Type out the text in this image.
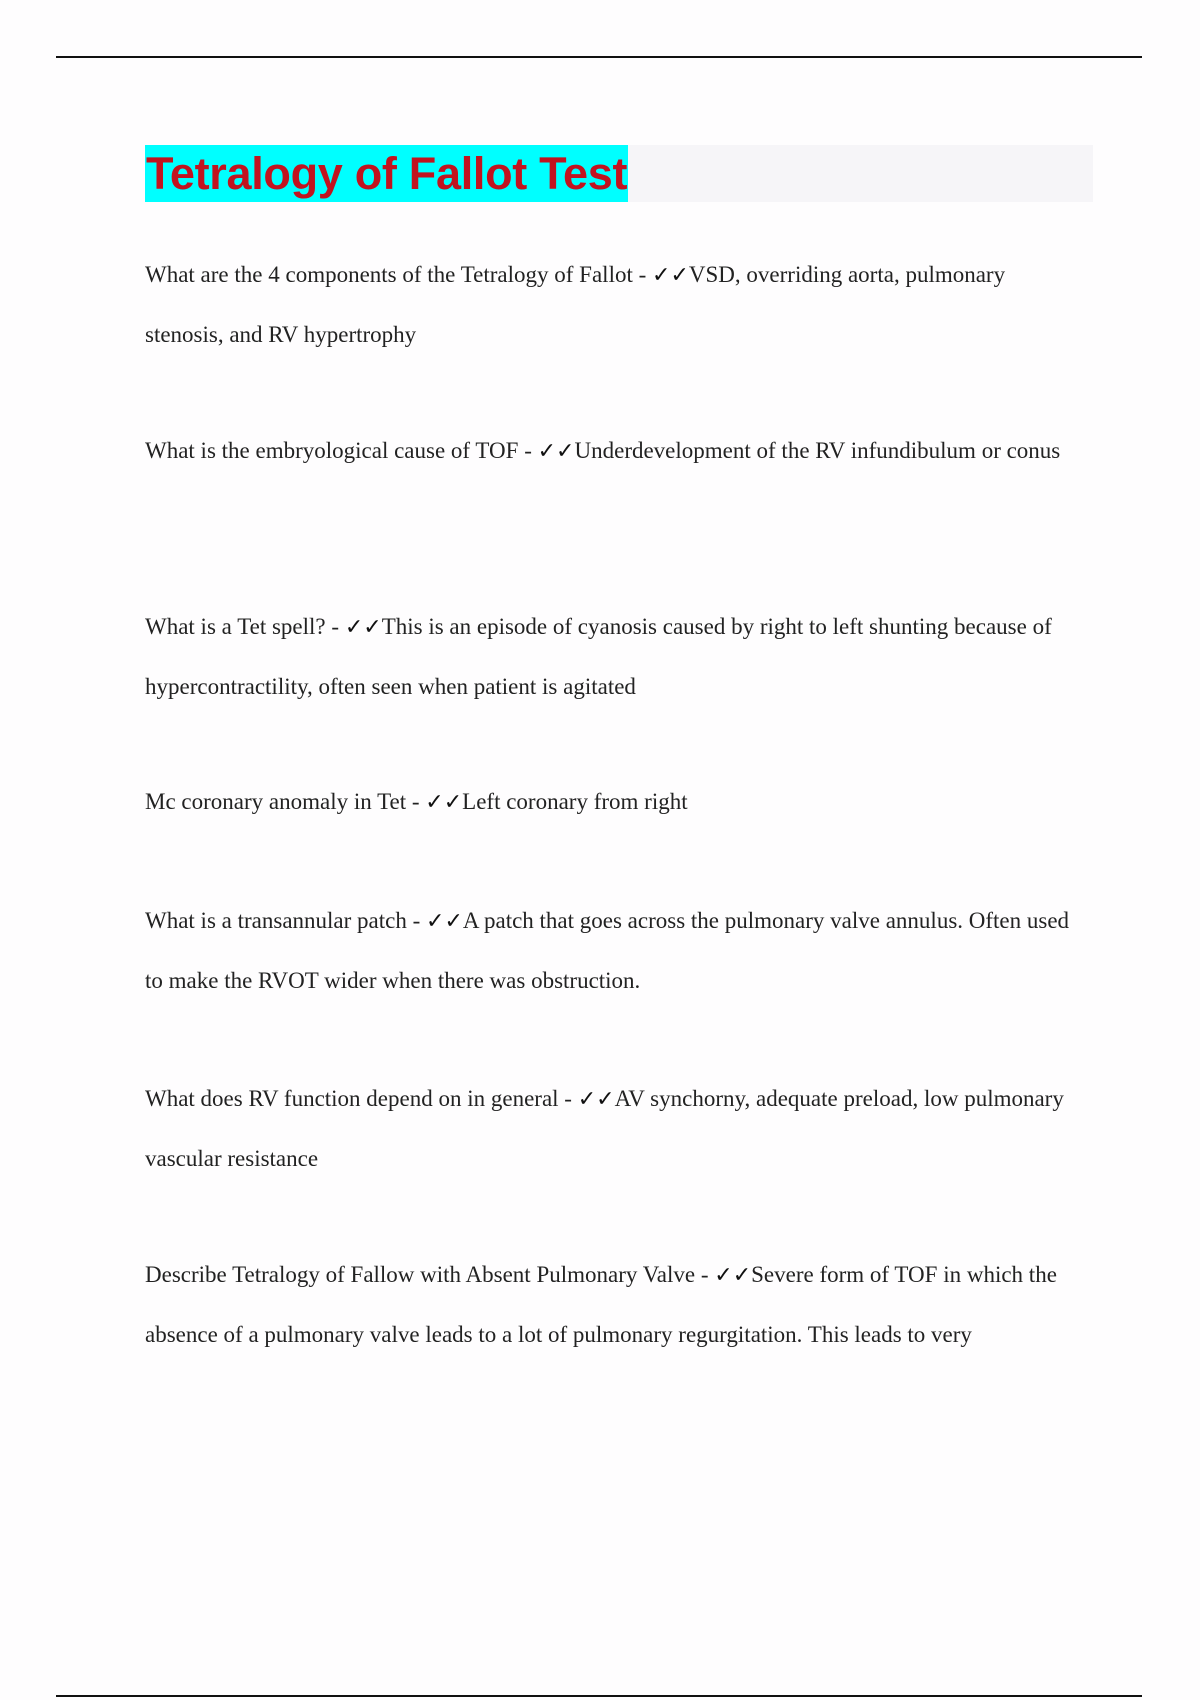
Tetralogy of Fallot Test

What are the 4 components of the Tetralogy of Fallot - ✓✓VSD, overriding aorta, pulmonary stenosis, and RV hypertrophy

What is the embryological cause of TOF - ✓✓Underdevelopment of the RV infundibulum or conus

What is a Tet spell? - ✓✓This is an episode of cyanosis caused by right to left shunting because of hypercontractility, often seen when patient is agitated

Mc coronary anomaly in Tet - ✓✓Left coronary from right

What is a transannular patch - ✓✓A patch that goes across the pulmonary valve annulus. Often used to make the RVOT wider when there was obstruction.

What does RV function depend on in general - ✓✓AV synchorny, adequate preload, low pulmonary vascular resistance

Describe Tetralogy of Fallow with Absent Pulmonary Valve - ✓✓Severe form of TOF in which the absence of a pulmonary valve leads to a lot of pulmonary regurgitation. This leads to very
